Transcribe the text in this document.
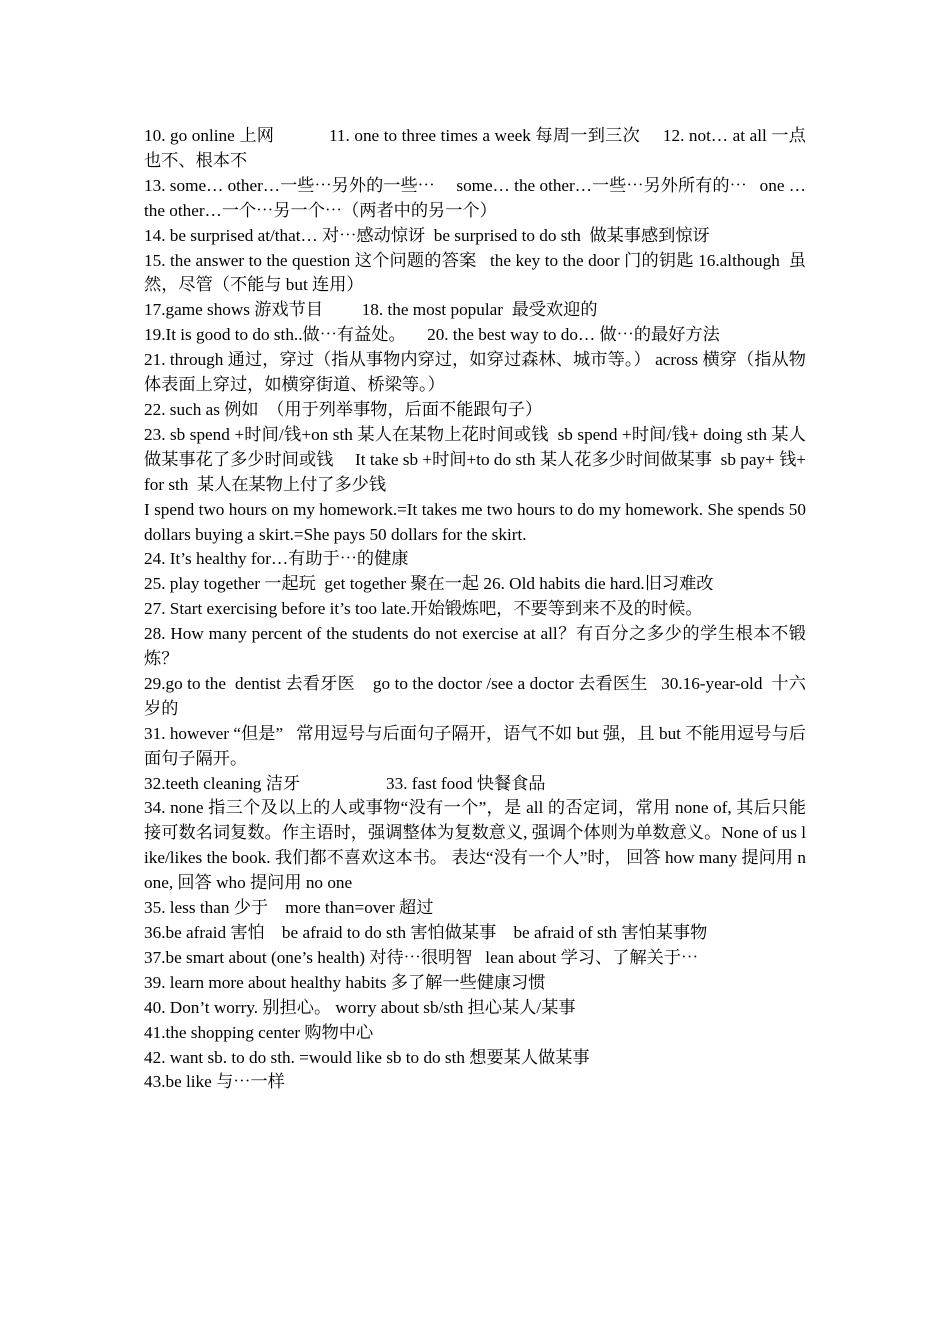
10. go online 上网            11. one to three times a week 每周一到三次     12. not… at all 一点也不、根本不
13. some… other…一些⋯另外的一些⋯     some… the other…一些⋯另外所有的⋯   one … the other…一个⋯另一个⋯（两者中的另一个）
14. be surprised at/that… 对⋯感动惊讶  be surprised to do sth  做某事感到惊讶
15. the answer to the question 这个问题的答案   the key to the door 门的钥匙 16.although  虽然，尽管（不能与 but 连用）
17.game shows 游戏节目         18. the most popular  最受欢迎的
19.It is good to do sth..做⋯有益处。     20. the best way to do… 做⋯的最好方法
21. through 通过，穿过（指从事物内穿过，如穿过森林、城市等。） across 横穿（指从物体表面上穿过，如横穿街道、桥梁等。）
22. such as 例如  （用于列举事物，后面不能跟句子）
23. sb spend +时间/钱+on sth 某人在某物上花时间或钱  sb spend +时间/钱+ doing sth 某人做某事花了多少时间或钱     It take sb +时间+to do sth 某人花多少时间做某事  sb pay+ 钱+for sth  某人在某物上付了多少钱
I spend two hours on my homework.=It takes me two hours to do my homework. She spends 50 dollars buying a skirt.=She pays 50 dollars for the skirt.
24. It’s healthy for…有助于⋯的健康
25. play together 一起玩  get together 聚在一起 26. Old habits die hard.旧习难改
27. Start exercising before it’s too late.开始锻炼吧，不要等到来不及的时候。
28. How many percent of the students do not exercise at all？有百分之多少的学生根本不锻炼？
29.go to the  dentist 去看牙医    go to the doctor /see a doctor 去看医生   30.16-year-old  十六岁的
31. however “但是”   常用逗号与后面句子隔开，语气不如 but 强，且 but 不能用逗号与后面句子隔开。
32.teeth cleaning 洁牙                    33. fast food 快餐食品
34. none 指三个及以上的人或事物“没有一个”，是 all 的否定词，常用 none of, 其后只能接可数名词复数。作主语时，强调整体为复数意义, 强调个体则为单数意义。None of us like/likes the book. 我们都不喜欢这本书。 表达“没有一个人”时， 回答 how many 提问用 none, 回答 who 提问用 no one
35. less than 少于    more than=over 超过
36.be afraid 害怕    be afraid to do sth 害怕做某事    be afraid of sth 害怕某事物
37.be smart about (one’s health) 对待⋯很明智   lean about 学习、了解关于⋯
39. learn more about healthy habits 多了解一些健康习惯
40. Don’t worry. 别担心。 worry about sb/sth 担心某人/某事
41.the shopping center 购物中心
42. want sb. to do sth. =would like sb to do sth 想要某人做某事
43.be like 与⋯一样
